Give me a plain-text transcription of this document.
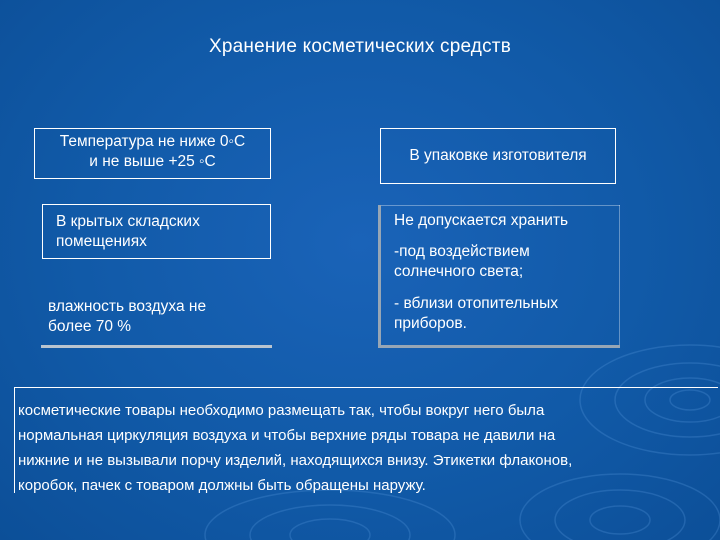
Хранение косметических средств
Температура не ниже 0◦С
и не выше +25 ◦С	В упаковке изготовителя
В крытых складских
помещениях
влажность воздуха не
более 70 %
Не допускается хранить
-под воздействием
солнечного света;
- вблизи отопительных
приборов.
косметические товары необходимо размещать так, чтобы вокруг него была
нормальная циркуляция воздуха и чтобы верхние ряды товара не давили на
нижние и не вызывали порчу изделий, находящихся внизу. Этикетки флаконов,
коробок, пачек с товаром должны быть обращены наружу.
